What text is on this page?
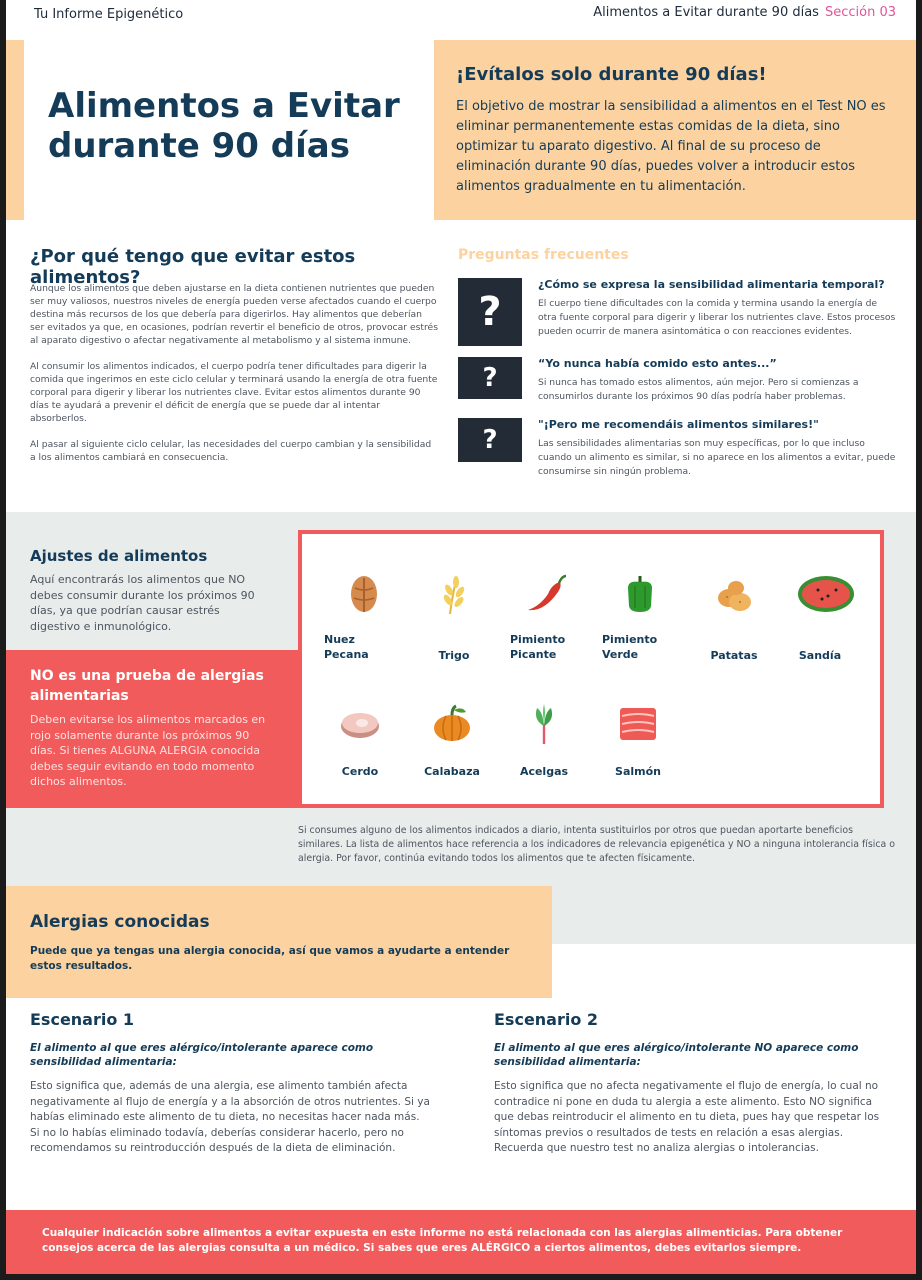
Tu Informe Epigenético	Alimentos a Evitar durante 90 días Sección 03
Alimentos a Evitar durante 90 días
¡Evítalos solo durante 90 días!

El objetivo de mostrar la sensibilidad a alimentos en el Test NO es eliminar permanentemente estas comidas de la dieta, sino optimizar tu aparato digestivo. Al final de su proceso de eliminación durante 90 días, puedes volver a introducir estos alimentos gradualmente en tu alimentación.

¿Por qué tengo que evitar estos alimentos?

Aunque los alimentos que deben ajustarse en la dieta contienen nutrientes que pueden ser muy valiosos, nuestros niveles de energía pueden verse afectados cuando el cuerpo destina más recursos de los que debería para digerirlos. Hay alimentos que deberían ser evitados ya que, en ocasiones, podrían revertir el beneficio de otros, provocar estrés al aparato digestivo o afectar negativamente al metabolismo y al sistema inmune.

Al consumir los alimentos indicados, el cuerpo podría tener dificultades para digerir la comida que ingerimos en este ciclo celular y terminará usando la energía de otra fuente corporal para digerir y liberar los nutrientes clave. Evitar estos alimentos durante 90 días te ayudará a prevenir el déficit de energía que se puede dar al intentar absorberlos.

Al pasar al siguiente ciclo celular, las necesidades del cuerpo cambian y la sensibilidad a los alimentos cambiará en consecuencia.

Preguntas frecuentes
?
¿Cómo se expresa la sensibilidad alimentaria temporal?

El cuerpo tiene dificultades con la comida y termina usando la energía de otra fuente corporal para digerir y liberar los nutrientes clave. Estos procesos pueden ocurrir de manera asintomática o con reacciones evidentes.

?	“Yo nunca había comido esto antes...”

Si nunca has tomado estos alimentos, aún mejor. Pero si comienzas a consumirlos durante los próximos 90 días podría haber problemas.

?
"¡Pero me recomendáis alimentos similares!"

Las sensibilidades alimentarias son muy específicas, por lo que incluso cuando un alimento es similar, si no aparece en los alimentos a evitar, puede consumirse sin ningún problema.

Ajustes de alimentos

Aquí encontrarás los alimentos que NO debes consumir durante los próximos 90 días, ya que podrían causar estrés digestivo e inmunológico.

NO es una prueba de alergias alimentarias

Deben evitarse los alimentos marcados en rojo solamente durante los próximos 90 días. Si tienes ALGUNA ALERGIA conocida debes seguir evitando en todo momento dichos alimentos.

Nuez Pecana	Trigo
Pimiento Picante
Pimiento Verde	Patatas	Sandía
Cerdo	Calabaza	Acelgas	Salmón

Si consumes alguno de los alimentos indicados a diario, intenta sustituirlos por otros que puedan aportarte beneficios similares. La lista de alimentos hace referencia a los indicadores de relevancia epigenética y NO a ninguna intolerancia física o alergia. Por favor, continúa evitando todos los alimentos que te afecten físicamente.

Alergias conocidas

Puede que ya tengas una alergia conocida, así que vamos a ayudarte a entender estos resultados.

Escenario 1

El alimento al que eres alérgico/intolerante aparece como sensibilidad alimentaria:

Esto significa que, además de una alergia, ese alimento también afecta negativamente al flujo de energía y a la absorción de otros nutrientes. Si ya habías eliminado este alimento de tu dieta, no necesitas hacer nada más. Si no lo habías eliminado todavía, deberías considerar hacerlo, pero no recomendamos su reintroducción después de la dieta de eliminación.

Escenario 2

El alimento al que eres alérgico/intolerante NO aparece como sensibilidad alimentaria:

Esto significa que no afecta negativamente el flujo de energía, lo cual no contradice ni pone en duda tu alergia a este alimento. Esto NO significa que debas reintroducir el alimento en tu dieta, pues hay que respetar los síntomas previos o resultados de tests en relación a esas alergias. Recuerda que nuestro test no analiza alergias o intolerancias.

Cualquier indicación sobre alimentos a evitar expuesta en este informe no está relacionada con las alergias alimenticias. Para obtener consejos acerca de las alergias consulta a un médico. Si sabes que eres ALÉRGICO a ciertos alimentos, debes evitarlos siempre.
